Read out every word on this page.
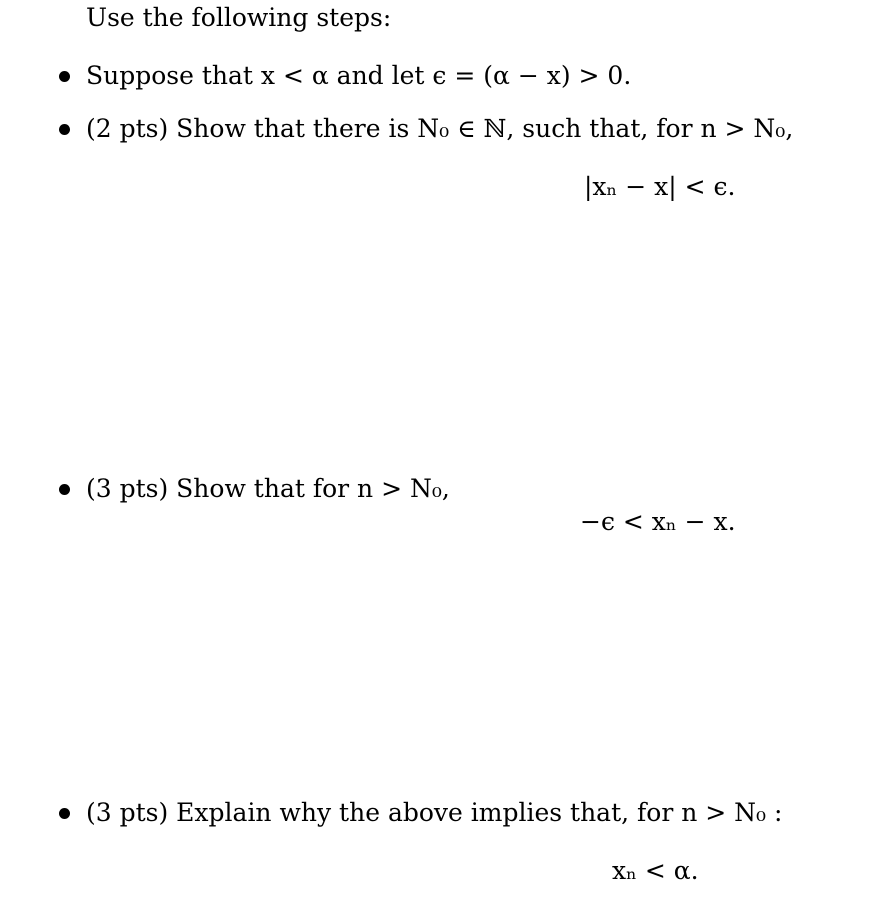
Use the following steps:
Suppose that x < α and let ϵ = (α − x) > 0.
(2 pts) Show that there is N₀ ∈ ℕ, such that, for n > N₀,
|xₙ − x| < ϵ.
(3 pts) Show that for n > N₀,
−ϵ < xₙ − x.
(3 pts) Explain why the above implies that, for n > N₀ :
xₙ < α.
